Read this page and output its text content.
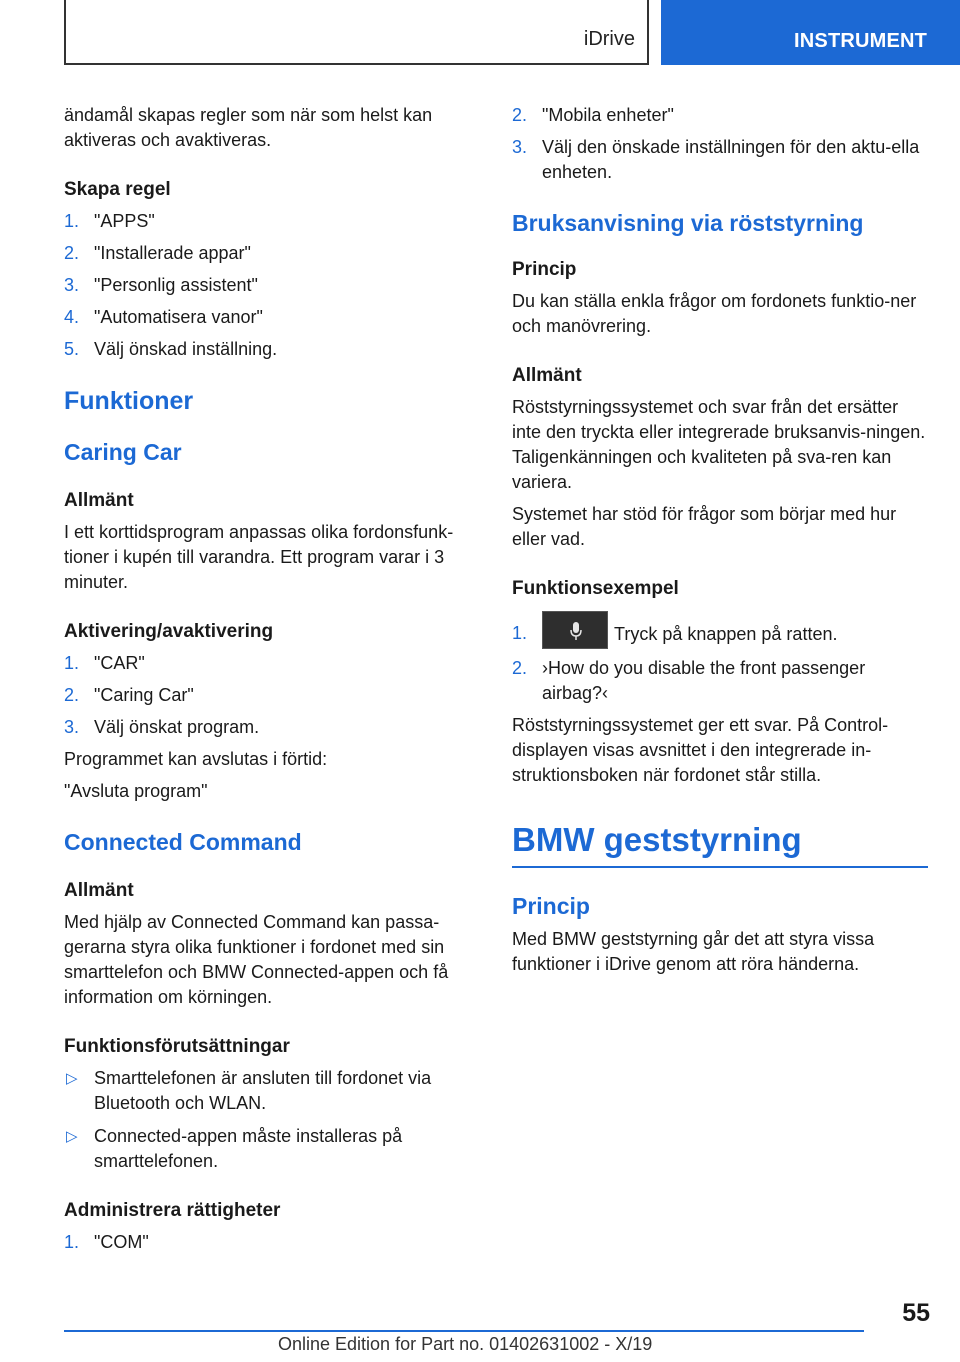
iDrive	INSTRUMENT

ändamål skapas regler som när som helst kan aktiveras och avaktiveras.

Skapa regel

1. "APPS"
2. "Installerade appar"
3. "Personlig assistent"
4. "Automatisera vanor"
5. Välj önskad inställning.

Funktioner

Caring Car

Allmänt

I ett korttidsprogram anpassas olika fordonsfunk-tioner i kupén till varandra. Ett program varar i 3 minuter.

Aktivering/avaktivering

1. "CAR"
2. "Caring Car"
3. Välj önskat program.

Programmet kan avslutas i förtid:

"Avsluta program"

Connected Command

Allmänt

Med hjälp av Connected Command kan passa-gerarna styra olika funktioner i fordonet med sin smarttelefon och BMW Connected-appen och få information om körningen.

Funktionsförutsättningar

▷ Smarttelefonen är ansluten till fordonet via Bluetooth och WLAN.
▷ Connected-appen måste installeras på smarttelefonen.

Administrera rättigheter

1. "COM"
2. "Mobila enheter"
3. Välj den önskade inställningen för den aktu-ella enheten.

Bruksanvisning via röststyrning

Princip

Du kan ställa enkla frågor om fordonets funktio-ner och manövrering.

Allmänt

Röststyrningssystemet och svar från det ersätter inte den tryckta eller integrerade bruksanvis-ningen. Taligenkänningen och kvaliteten på sva-ren kan variera.

Systemet har stöd för frågor som börjar med hur eller vad.

Funktionsexempel

1.	Tryck på knappen på ratten.
2. ›How do you disable the front passenger airbag?‹

Röststyrningssystemet ger ett svar. På Control-displayen visas avsnittet i den integrerade in-struktionsboken när fordonet står stilla.

BMW geststyrning

Princip

Med BMW geststyrning går det att styra vissa funktioner i iDrive genom att röra händerna.

55
Online Edition for Part no. 01402631002 - X/19
